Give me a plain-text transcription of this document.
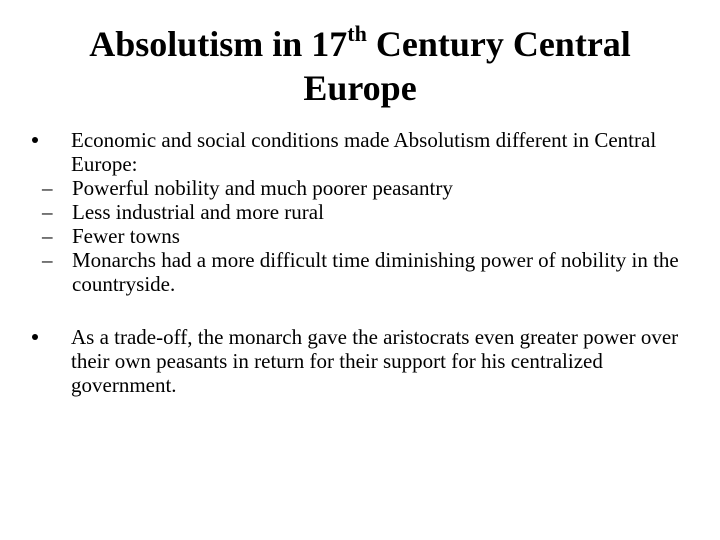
Absolutism in 17th Century Central
Europe
Economic and social conditions made Absolutism different in Central Europe:
– Powerful nobility and much poorer peasantry
– Less industrial and more rural
– Fewer towns
– Monarchs had a more difficult time diminishing power of nobility in the countryside.
As a trade-off, the monarch gave the aristocrats even greater power over their own peasants in return for their support for his centralized government.
